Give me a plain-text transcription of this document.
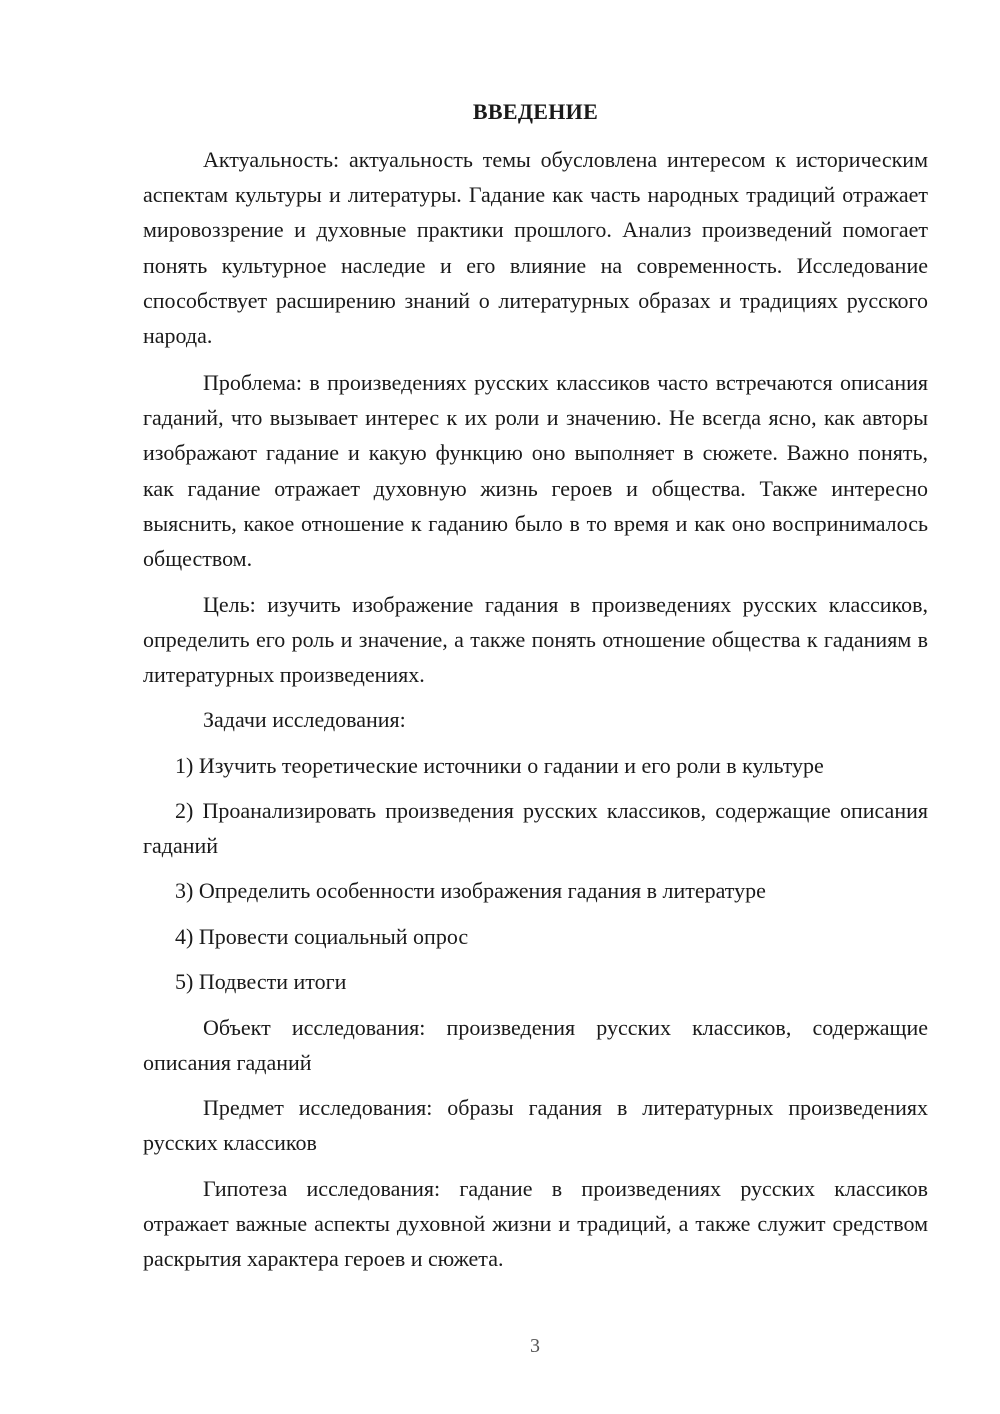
ВВЕДЕНИЕ

Актуальность: актуальность темы обусловлена интересом к историческим аспектам культуры и литературы. Гадание как часть народных традиций отражает мировоззрение и духовные практики прошлого. Анализ произведений помогает понять культурное наследие и его влияние на современность. Исследование способствует расширению знаний о литературных образах и традициях русского народа.

Проблема: в произведениях русских классиков часто встречаются описания гаданий, что вызывает интерес к их роли и значению. Не всегда ясно, как авторы изображают гадание и какую функцию оно выполняет в сюжете. Важно понять, как гадание отражает духовную жизнь героев и общества. Также интересно выяснить, какое отношение к гаданию было в то время и как оно воспринималось обществом.

Цель: изучить изображение гадания в произведениях русских классиков, определить его роль и значение, а также понять отношение общества к гаданиям в литературных произведениях.

Задачи исследования:

1) Изучить теоретические источники о гадании и его роли в культуре

2) Проанализировать произведения русских классиков, содержащие описания гаданий

3) Определить особенности изображения гадания в литературе

4) Провести социальный опрос

5) Подвести итоги

Объект исследования: произведения русских классиков, содержащие описания гаданий

Предмет исследования: образы гадания в литературных произведениях русских классиков

Гипотеза исследования: гадание в произведениях русских классиков отражает важные аспекты духовной жизни и традиций, а также служит средством раскрытия характера героев и сюжета.

3
